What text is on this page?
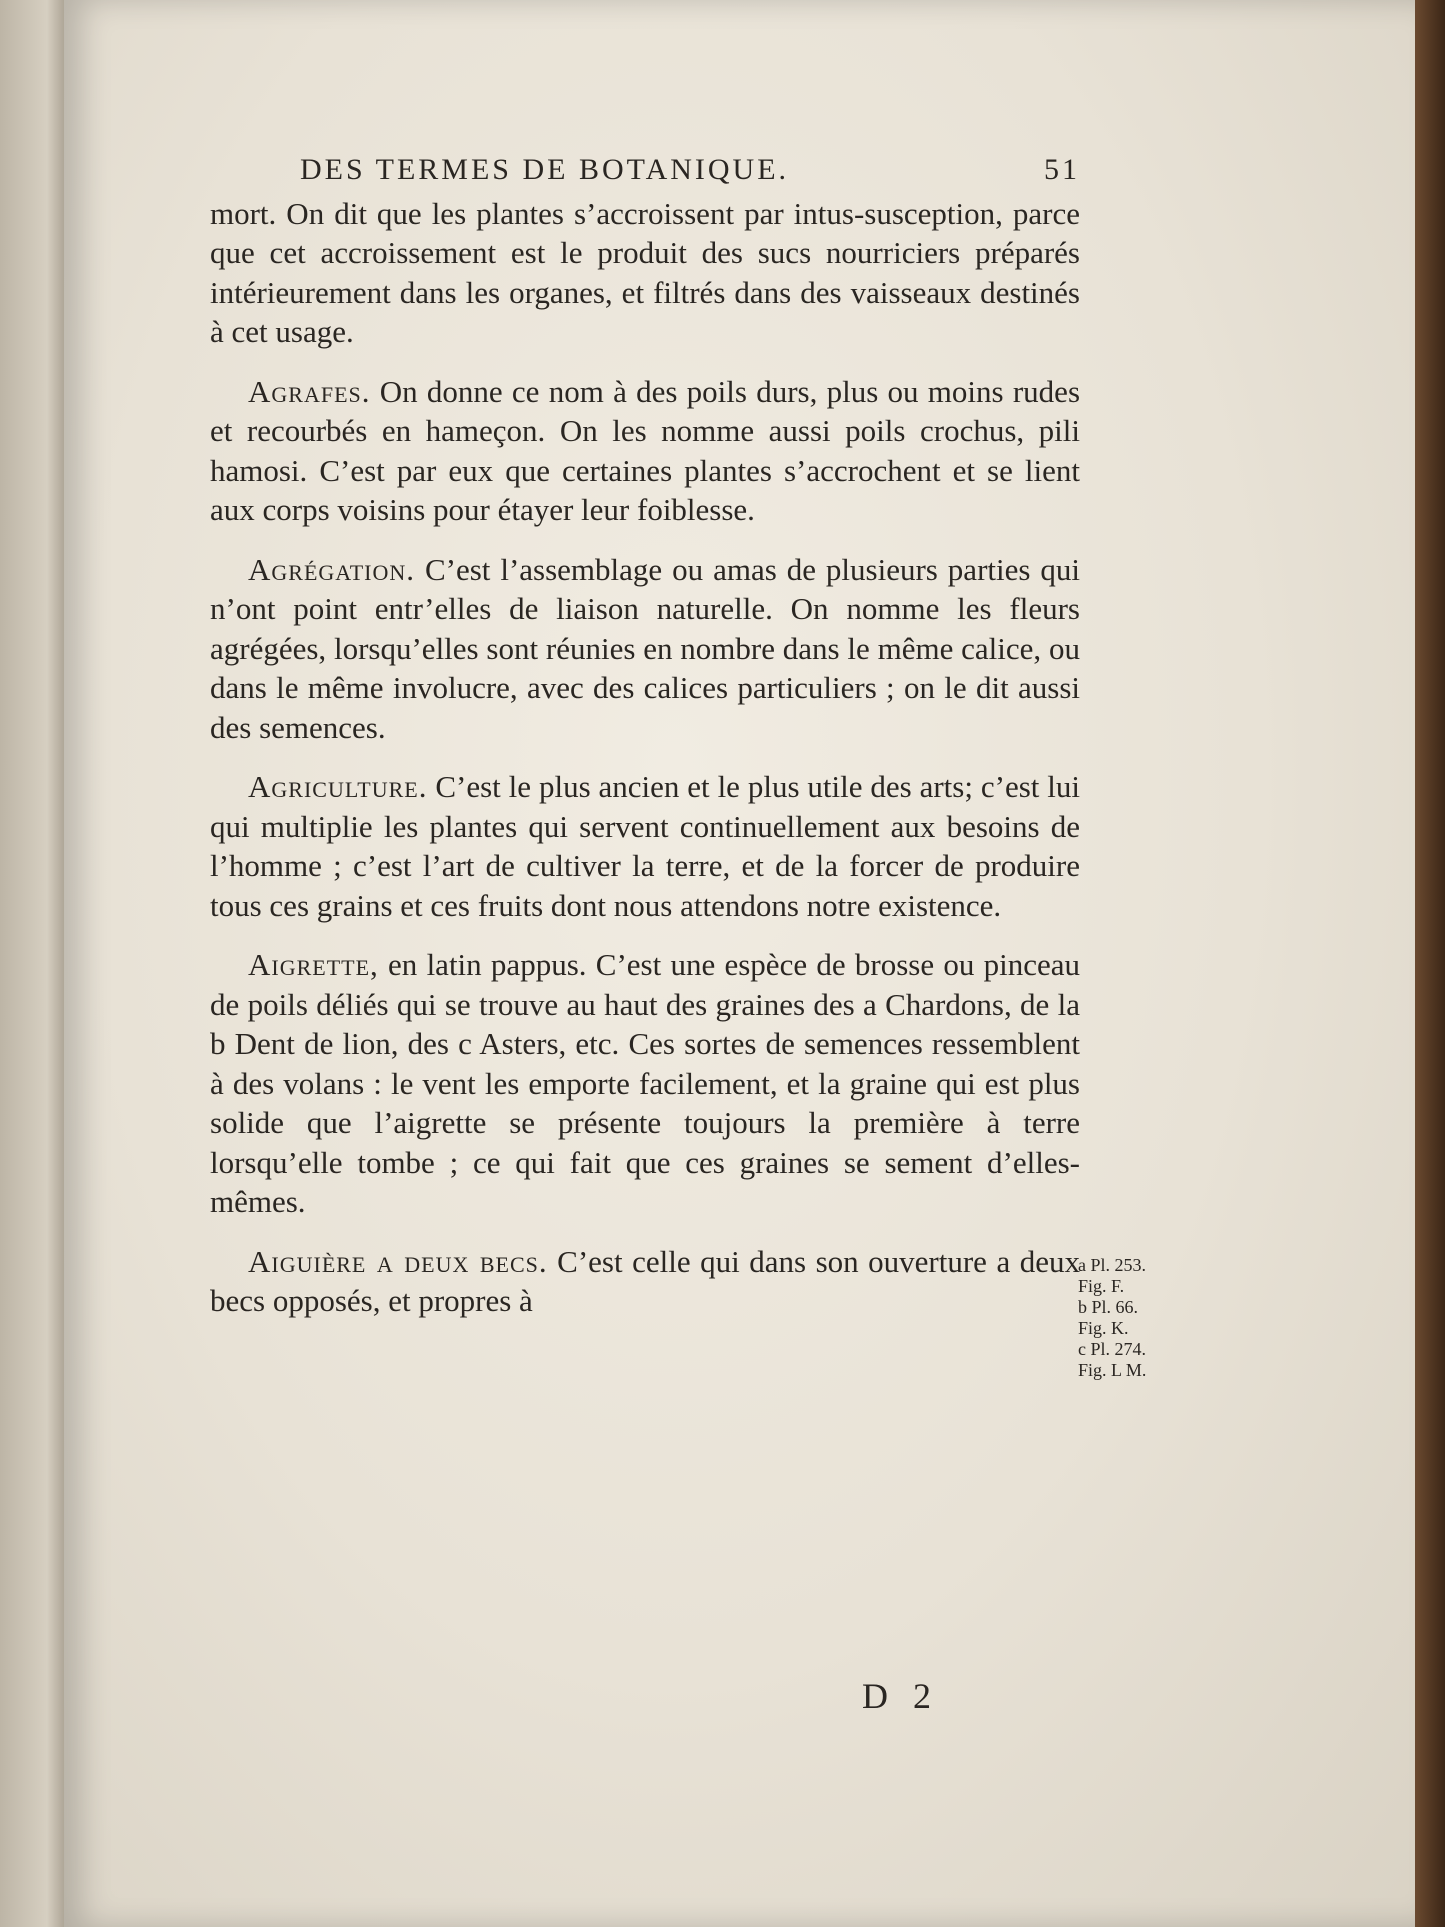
DES TERMES DE BOTANIQUE.	51

mort. On dit que les plantes s’accroissent par intus-susception, parce que cet accroissement est le produit des sucs nourriciers préparés intérieurement dans les organes, et filtrés dans des vaisseaux destinés à cet usage.

Agrafes. On donne ce nom à des poils durs, plus ou moins rudes et recourbés en hameçon. On les nomme aussi poils crochus, pili hamosi. C’est par eux que certaines plantes s’accrochent et se lient aux corps voisins pour étayer leur foiblesse.

Agrégation. C’est l’assemblage ou amas de plusieurs parties qui n’ont point entr’elles de liaison naturelle. On nomme les fleurs agrégées, lorsqu’elles sont réunies en nombre dans le même calice, ou dans le même involucre, avec des calices particuliers ; on le dit aussi des semences.

Agriculture. C’est le plus ancien et le plus utile des arts; c’est lui qui multiplie les plantes qui servent continuellement aux besoins de l’homme ; c’est l’art de cultiver la terre, et de la forcer de produire tous ces grains et ces fruits dont nous attendons notre existence.

Aigrette, en latin pappus. C’est une espèce de brosse ou pinceau de poils déliés qui se trouve au haut des graines des a Chardons, de la b Dent de lion, des c Asters, etc. Ces sortes de semences ressemblent à des volans : le vent les emporte facilement, et la graine qui est plus solide que l’aigrette se présente toujours la première à terre lorsqu’elle tombe ; ce qui fait que ces graines se sement d’elles-mêmes.

Aiguière a deux becs. C’est celle qui dans son ouverture a deux becs opposés, et propres à

a Pl. 253.
Fig. F.
b Pl. 66.
Fig. K.
c Pl. 274.
Fig. L M.
D 2
